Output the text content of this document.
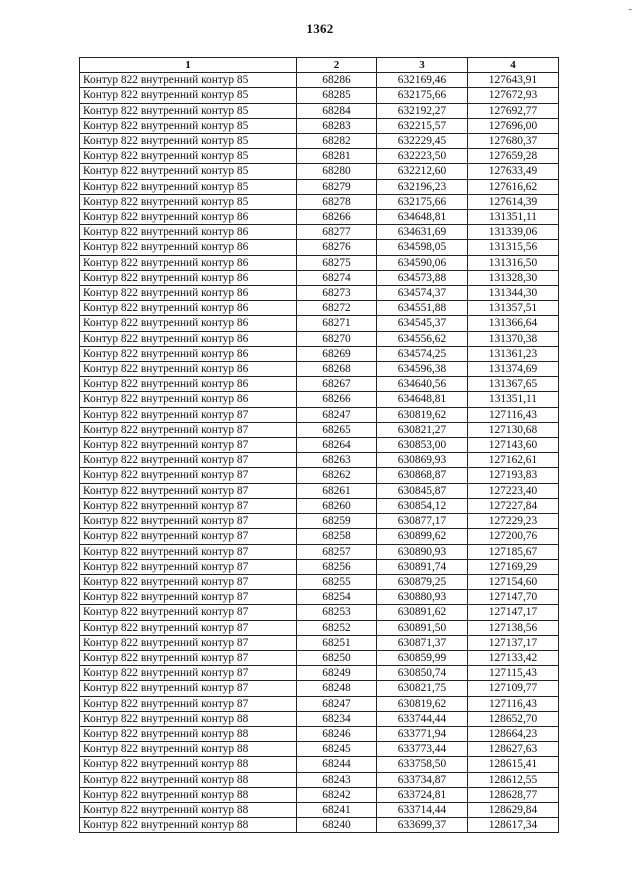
-
1362
1	2	3	4
Контур 822 внутренний контур 85	68286	632169,46	127643,91
Контур 822 внутренний контур 85	68285	632175,66	127672,93
Контур 822 внутренний контур 85	68284	632192,27	127692,77
Контур 822 внутренний контур 85	68283	632215,57	127696,00
Контур 822 внутренний контур 85	68282	632229,45	127680,37
Контур 822 внутренний контур 85	68281	632223,50	127659,28
Контур 822 внутренний контур 85	68280	632212,60	127633,49
Контур 822 внутренний контур 85	68279	632196,23	127616,62
Контур 822 внутренний контур 85	68278	632175,66	127614,39
Контур 822 внутренний контур 86	68266	634648,81	131351,11
Контур 822 внутренний контур 86	68277	634631,69	131339,06
Контур 822 внутренний контур 86	68276	634598,05	131315,56
Контур 822 внутренний контур 86	68275	634590,06	131316,50
Контур 822 внутренний контур 86	68274	634573,88	131328,30
Контур 822 внутренний контур 86	68273	634574,37	131344,30
Контур 822 внутренний контур 86	68272	634551,88	131357,51
Контур 822 внутренний контур 86	68271	634545,37	131366,64
Контур 822 внутренний контур 86	68270	634556,62	131370,38
Контур 822 внутренний контур 86	68269	634574,25	131361,23
Контур 822 внутренний контур 86	68268	634596,38	131374,69
Контур 822 внутренний контур 86	68267	634640,56	131367,65
Контур 822 внутренний контур 86	68266	634648,81	131351,11
Контур 822 внутренний контур 87	68247	630819,62	127116,43
Контур 822 внутренний контур 87	68265	630821,27	127130,68
Контур 822 внутренний контур 87	68264	630853,00	127143,60
Контур 822 внутренний контур 87	68263	630869,93	127162,61
Контур 822 внутренний контур 87	68262	630868,87	127193,83
Контур 822 внутренний контур 87	68261	630845,87	127223,40
Контур 822 внутренний контур 87	68260	630854,12	127227,84
Контур 822 внутренний контур 87	68259	630877,17	127229,23
Контур 822 внутренний контур 87	68258	630899,62	127200,76
Контур 822 внутренний контур 87	68257	630890,93	127185,67
Контур 822 внутренний контур 87	68256	630891,74	127169,29
Контур 822 внутренний контур 87	68255	630879,25	127154,60
Контур 822 внутренний контур 87	68254	630880,93	127147,70
Контур 822 внутренний контур 87	68253	630891,62	127147,17
Контур 822 внутренний контур 87	68252	630891,50	127138,56
Контур 822 внутренний контур 87	68251	630871,37	127137,17
Контур 822 внутренний контур 87	68250	630859,99	127133,42
Контур 822 внутренний контур 87	68249	630850,74	127115,43
Контур 822 внутренний контур 87	68248	630821,75	127109,77
Контур 822 внутренний контур 87	68247	630819,62	127116,43
Контур 822 внутренний контур 88	68234	633744,44	128652,70
Контур 822 внутренний контур 88	68246	633771,94	128664,23
Контур 822 внутренний контур 88	68245	633773,44	128627,63
Контур 822 внутренний контур 88	68244	633758,50	128615,41
Контур 822 внутренний контур 88	68243	633734,87	128612,55
Контур 822 внутренний контур 88	68242	633724,81	128628,77
Контур 822 внутренний контур 88	68241	633714,44	128629,84
Контур 822 внутренний контур 88	68240	633699,37	128617,34
